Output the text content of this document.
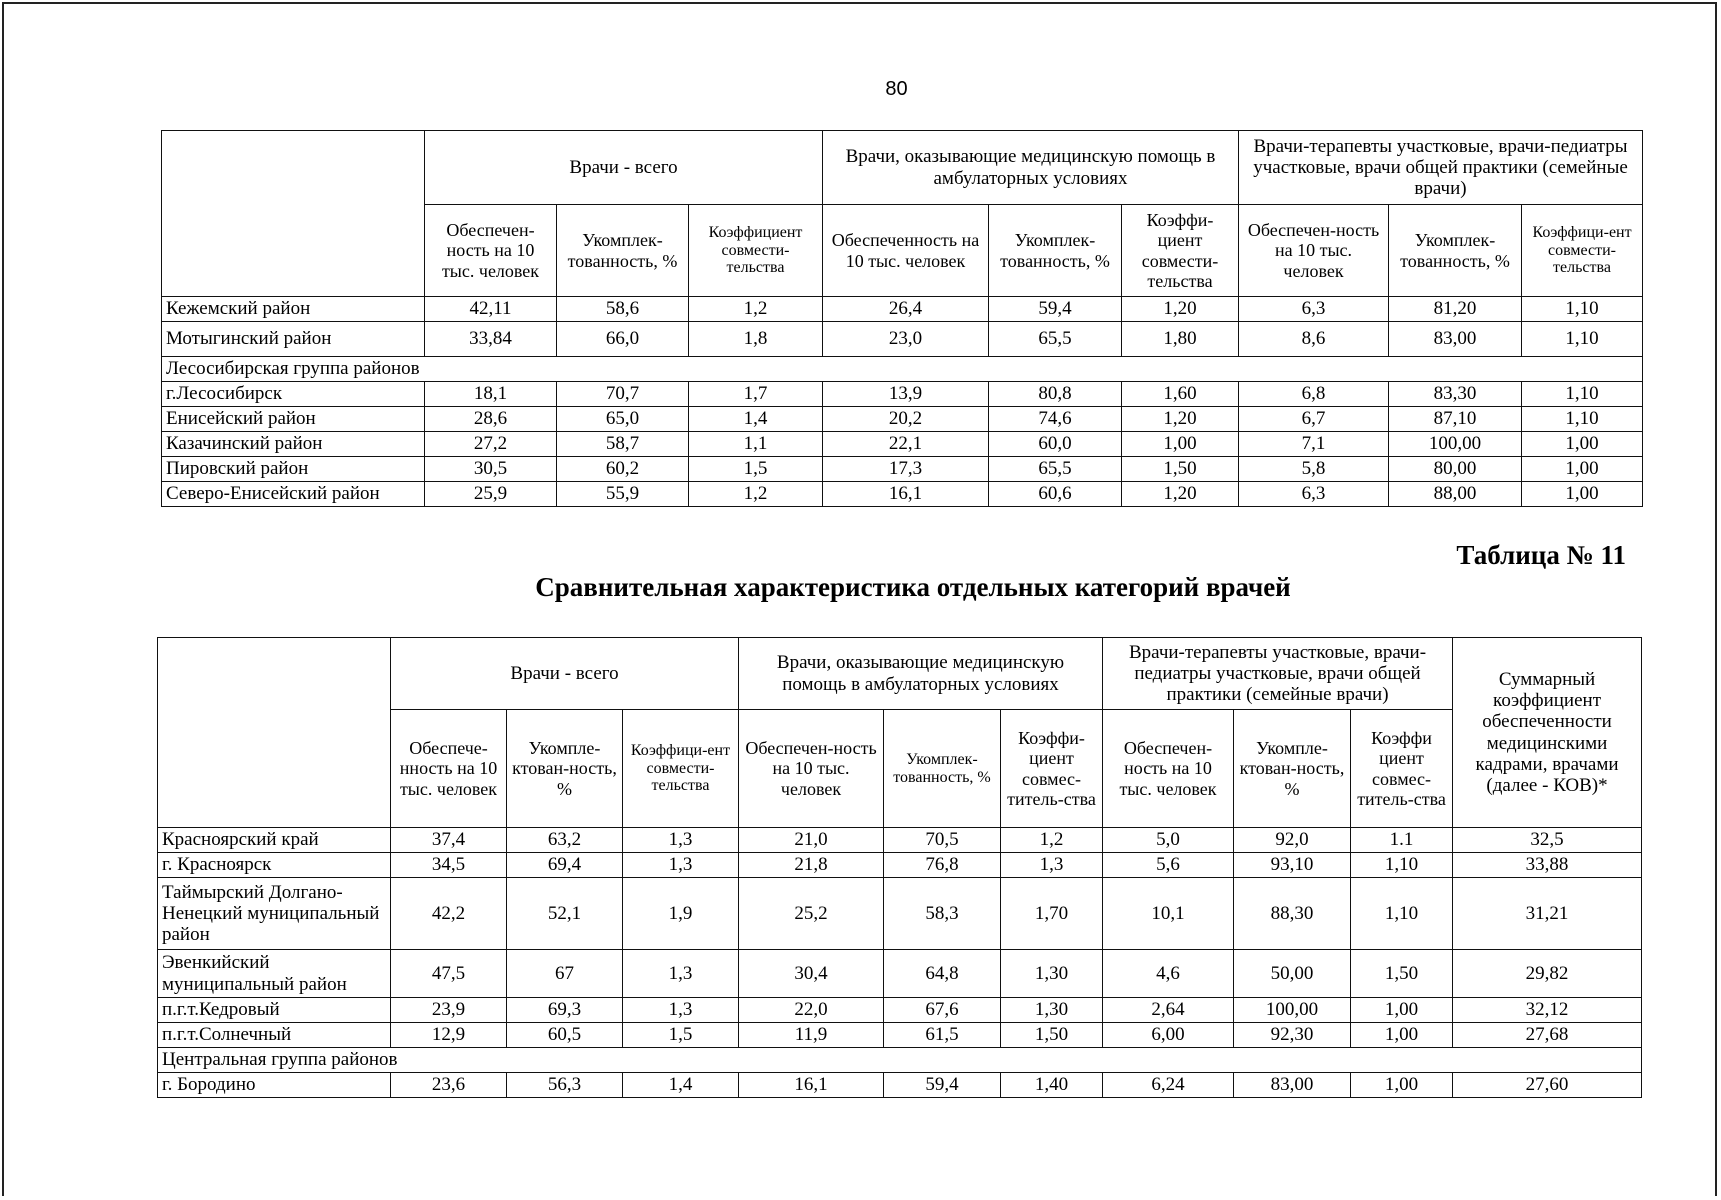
80
	Врачи - всего			Врачи, оказывающие медицинскую помощь в амбулаторных условиях			Врачи-терапевты участковые, врачи-педиатры участковые, врачи общей практики (семейные врачи)		
	Обеспечен-ность на 10 тыс. человек	Укомплек-тованность, %	Коэффициент совмести-тельства	Обеспеченность на 10 тыс. человек	Укомплек-тованность, %	Коэффи-циент совмести-тельства	Обеспечен-ность на 10 тыс. человек	Укомплек-тованность, %	Коэффици-ент совмести-тельства
Кежемский район	42,11	58,6	1,2	26,4	59,4	1,20	6,3	81,20	1,10
Мотыгинский район	33,84	66,0	1,8	23,0	65,5	1,80	8,6	83,00	1,10
Лесосибирская группа районов									
г.Лесосибирск	18,1	70,7	1,7	13,9	80,8	1,60	6,8	83,30	1,10
Енисейский район	28,6	65,0	1,4	20,2	74,6	1,20	6,7	87,10	1,10
Казачинский район	27,2	58,7	1,1	22,1	60,0	1,00	7,1	100,00	1,00
Пировский район	30,5	60,2	1,5	17,3	65,5	1,50	5,8	80,00	1,00
Северо-Енисейский район	25,9	55,9	1,2	16,1	60,6	1,20	6,3	88,00	1,00
Таблица № 11
Сравнительная характеристика отдельных категорий врачей
	Врачи - всего			Врачи, оказывающие медицинскую помощь в амбулаторных условиях			Врачи-терапевты участковые, врачи-педиатры участковые, врачи общей практики (семейные врачи)			Суммарный коэффициент обеспеченности медицинскими кадрами, врачами (далее - КОВ)*
	Обеспече-нность на 10 тыс. человек	Укомпле-ктован-ность, %	Коэффици-ент совмести-тельства	Обеспечен-ность на 10 тыс. человек	Укомплек-тованность, %	Коэффи-циент совмес-титель-ства	Обеспечен-ность на 10 тыс. человек	Укомпле-ктован-ность, %	Коэффи циент совмес-титель-ства	
Красноярский край	37,4	63,2	1,3	21,0	70,5	1,2	5,0	92,0	1.1	32,5
г. Красноярск	34,5	69,4	1,3	21,8	76,8	1,3	5,6	93,10	1,10	33,88
Таймырский Долгано-Ненецкий муниципальный район	42,2	52,1	1,9	25,2	58,3	1,70	10,1	88,30	1,10	31,21
Эвенкийский муниципальный район	47,5	67	1,3	30,4	64,8	1,30	4,6	50,00	1,50	29,82
п.г.т.Кедровый	23,9	69,3	1,3	22,0	67,6	1,30	2,64	100,00	1,00	32,12
п.г.т.Солнечный	12,9	60,5	1,5	11,9	61,5	1,50	6,00	92,30	1,00	27,68
Центральная группа районов										
г. Бородино	23,6	56,3	1,4	16,1	59,4	1,40	6,24	83,00	1,00	27,60
